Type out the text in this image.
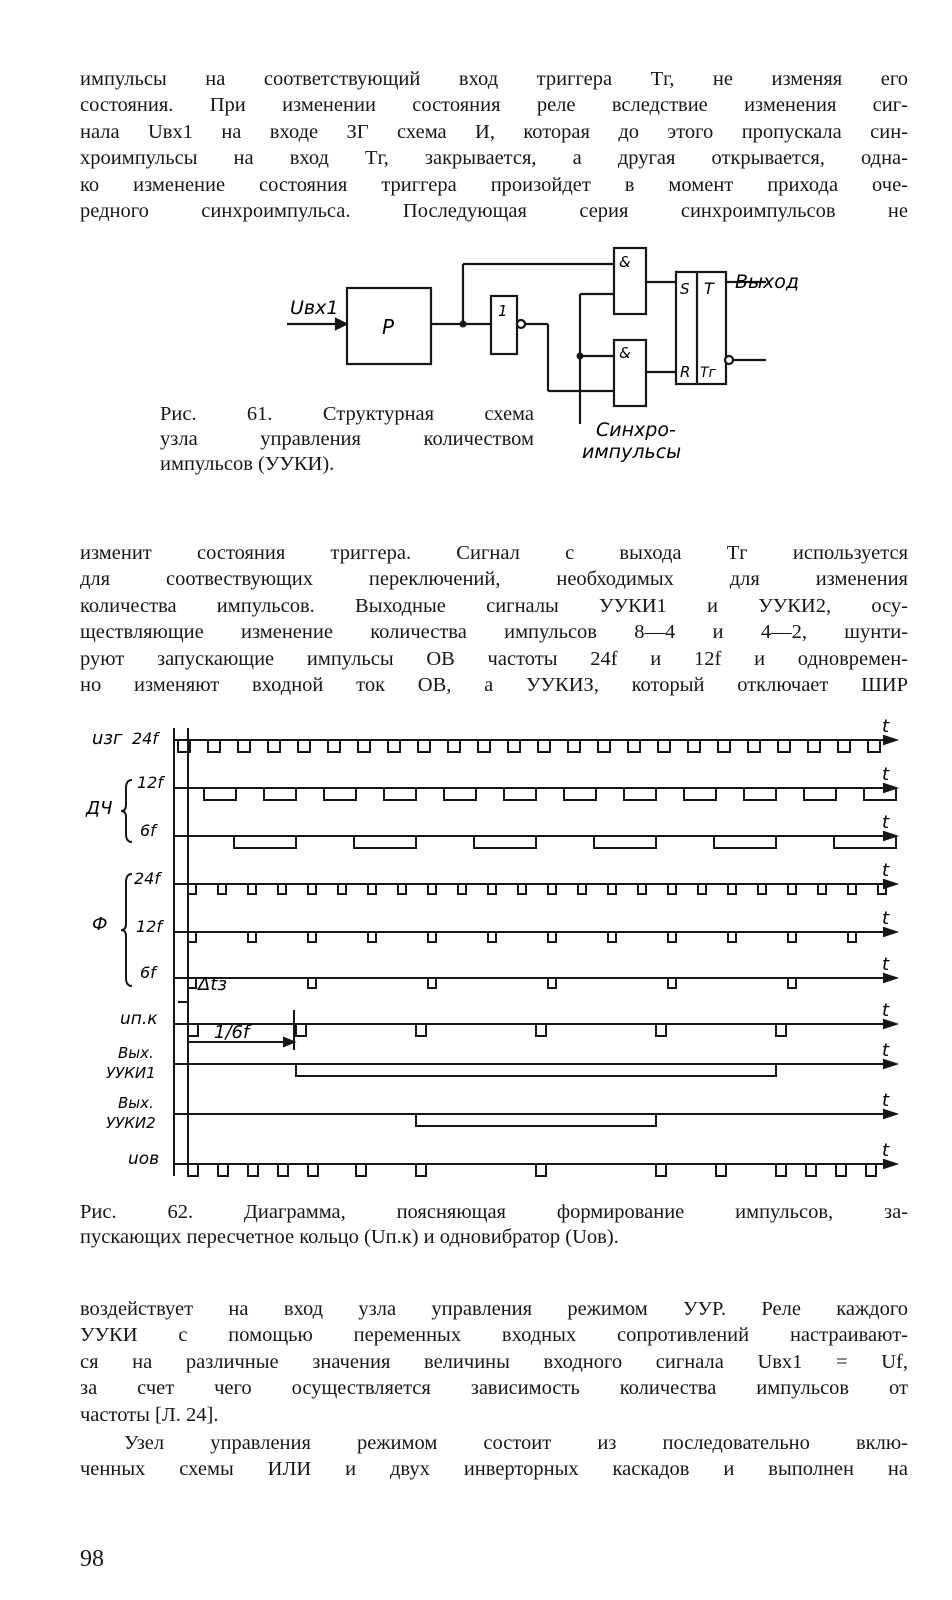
импульсы на соответствующий вход триггера Тг, не изменяя его
состояния. При изменении состояния реле вследствие изменения сиг-
нала Uвх1 на входе ЗГ схема И, которая до этого пропускала син-
хроимпульсы на вход Тг, закрывается, а другая открывается, одна-
ко изменение состояния триггера произойдет в момент прихода оче-
редного синхроимпульса. Последующая серия синхроимпульсов не
Uвх1
Р
1
&
&
S
R
T
Тг
Выход
Синхро-
импульсы

Рис. 61. Структурная схема
узла управления количеством
импульсов (УУКИ).

изменит состояния триггера. Сигнал с выхода Тг используется
для соотвествующих переключений, необходимых для изменения
количества импульсов. Выходные сигналы УУКИ1 и УУКИ2, осу-
ществляющие изменение количества импульсов 8—4 и 4—2, шунти-
руют запускающие импульсы ОВ частоты 24f и 12f и одновремен-
но изменяют входной ток ОВ, а УУКИЗ, который отключает ШИР
uзг 24f
ДЧ
12f
6f
Ф
24f
12f
6f
uп.к
Вых.
УУКИ1
Вых.
УУКИ2
uов
Δtз
1/6f
t
t
t
t
t
t
t
t
t
t

Рис. 62. Диаграмма, поясняющая формирование импульсов, за-
пускающих пересчетное кольцо (Uп.к) и одновибратор (Uов).

воздействует на вход узла управления режимом УУР. Реле каждого
УУКИ с помощью переменных входных сопротивлений настраивают-
ся на различные значения величины входного сигнала Uвх1 = Uf,
за счет чего осуществляется зависимость количества импульсов от
частоты [Л. 24].
Узел управления режимом состоит из последовательно вклю-
ченных схемы ИЛИ и двух инверторных каскадов и выполнен на
98
